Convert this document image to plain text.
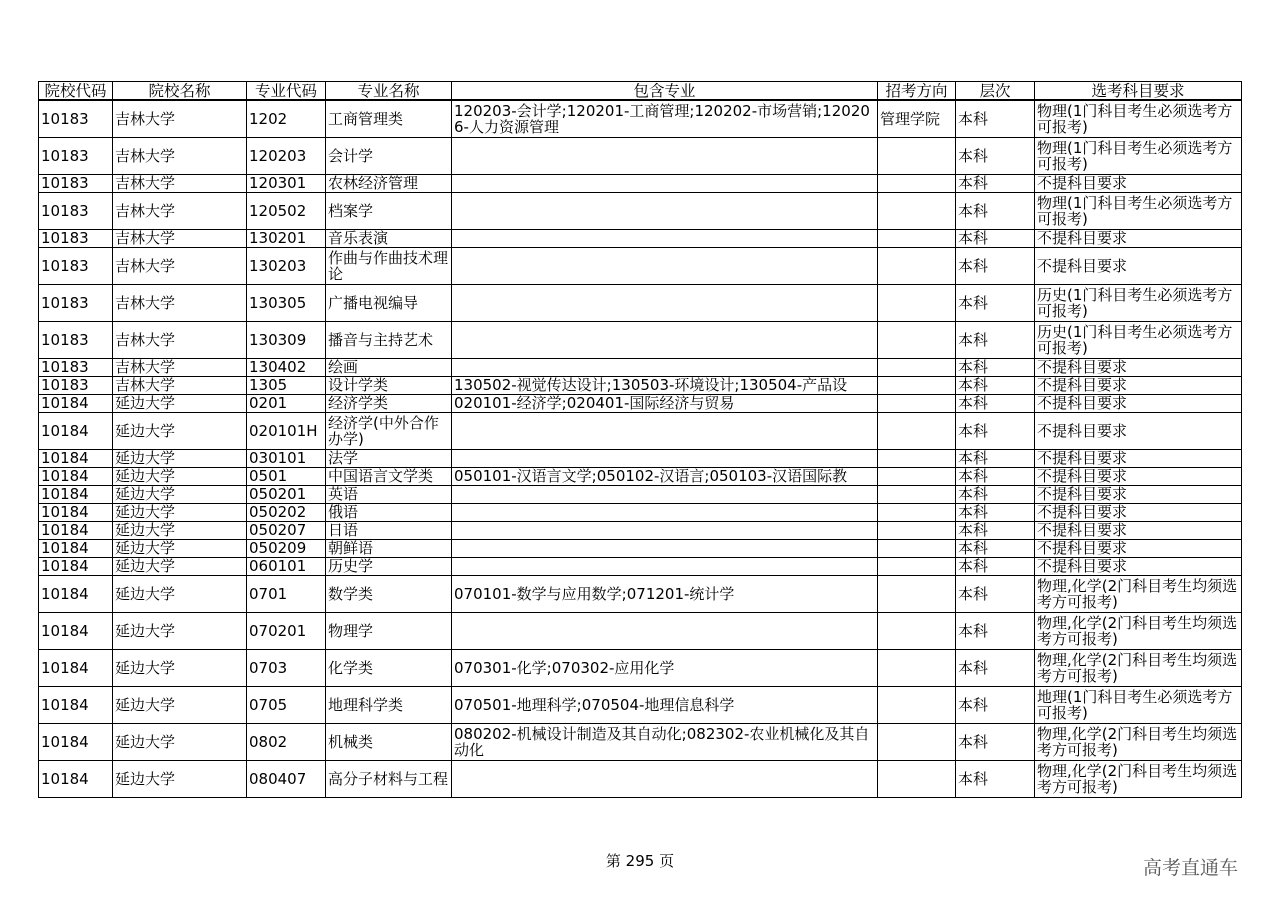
院校代码	院校名称	专业代码	专业名称	包含专业	招考方向	层次	选考科目要求
10183	吉林大学	1202	工商管理类	120203-会计学;120201-工商管理;120202-市场营销;120206-人力资源管理	管理学院	本科	物理(1门科目考生必须选考方可报考)
10183	吉林大学	120203	会计学			本科	物理(1门科目考生必须选考方可报考)
10183	吉林大学	120301	农林经济管理			本科	不提科目要求
10183	吉林大学	120502	档案学			本科	物理(1门科目考生必须选考方可报考)
10183	吉林大学	130201	音乐表演			本科	不提科目要求
10183	吉林大学	130203	作曲与作曲技术理论			本科	不提科目要求
10183	吉林大学	130305	广播电视编导			本科	历史(1门科目考生必须选考方可报考)
10183	吉林大学	130309	播音与主持艺术			本科	历史(1门科目考生必须选考方可报考)
10183	吉林大学	130402	绘画			本科	不提科目要求
10183	吉林大学	1305	设计学类	130502-视觉传达设计;130503-环境设计;130504-产品设		本科	不提科目要求
10184	延边大学	0201	经济学类	020101-经济学;020401-国际经济与贸易		本科	不提科目要求
10184	延边大学	020101H	经济学(中外合作办学)			本科	不提科目要求
10184	延边大学	030101	法学			本科	不提科目要求
10184	延边大学	0501	中国语言文学类	050101-汉语言文学;050102-汉语言;050103-汉语国际教		本科	不提科目要求
10184	延边大学	050201	英语			本科	不提科目要求
10184	延边大学	050202	俄语			本科	不提科目要求
10184	延边大学	050207	日语			本科	不提科目要求
10184	延边大学	050209	朝鲜语			本科	不提科目要求
10184	延边大学	060101	历史学			本科	不提科目要求
10184	延边大学	0701	数学类	070101-数学与应用数学;071201-统计学		本科	物理,化学(2门科目考生均须选考方可报考)
10184	延边大学	070201	物理学			本科	物理,化学(2门科目考生均须选考方可报考)
10184	延边大学	0703	化学类	070301-化学;070302-应用化学		本科	物理,化学(2门科目考生均须选考方可报考)
10184	延边大学	0705	地理科学类	070501-地理科学;070504-地理信息科学		本科	地理(1门科目考生必须选考方可报考)
10184	延边大学	0802	机械类	080202-机械设计制造及其自动化;082302-农业机械化及其自动化		本科	物理,化学(2门科目考生均须选考方可报考)
10184	延边大学	080407	高分子材料与工程			本科	物理,化学(2门科目考生均须选考方可报考)
第 295 页	高考直通车
